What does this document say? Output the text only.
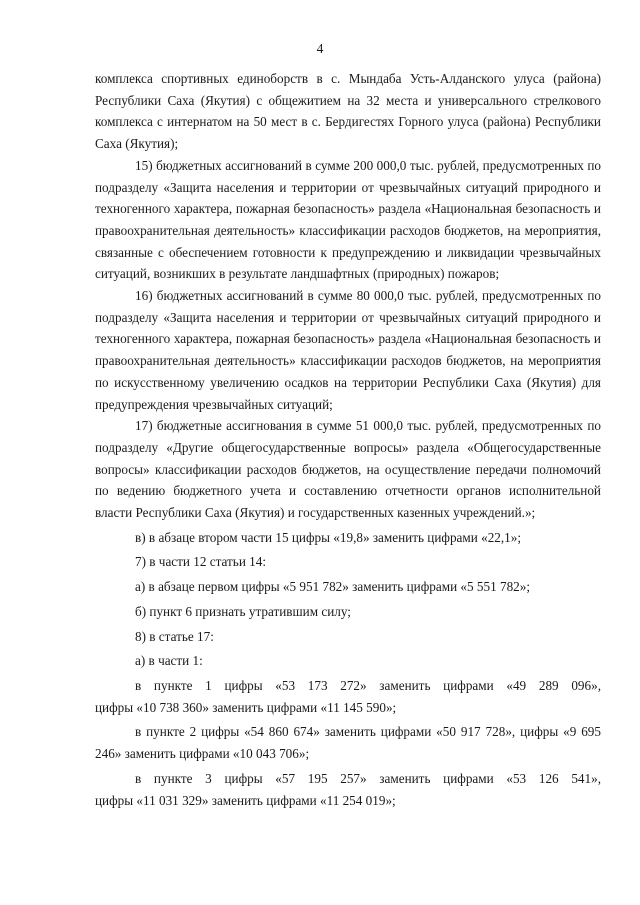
4

комплекса спортивных единоборств в с. Мындаба Усть-Алданского улуса (района) Республики Саха (Якутия) с общежитием на 32 места и универсального стрелкового комплекса с интернатом на 50 мест в с. Бердигестях Горного улуса (района) Республики Саха (Якутия);

15) бюджетных ассигнований в сумме 200 000,0 тыс. рублей, предусмотренных по подразделу «Защита населения и территории от чрезвычайных ситуаций природного и техногенного характера, пожарная безопасность» раздела «Национальная безопасность и правоохранительная деятельность» классификации расходов бюджетов, на мероприятия, связанные с обеспечением готовности к предупреждению и ликвидации чрезвычайных ситуаций, возникших в результате ландшафтных (природных) пожаров;

16) бюджетных ассигнований в сумме 80 000,0 тыс. рублей, предусмотренных по подразделу «Защита населения и территории от чрезвычайных ситуаций природного и техногенного характера, пожарная безопасность» раздела «Национальная безопасность и правоохранительная деятельность» классификации расходов бюджетов, на мероприятия по искусственному увеличению осадков на территории Республики Саха (Якутия) для предупреждения чрезвычайных ситуаций;

17) бюджетные ассигнования в сумме 51 000,0 тыс. рублей, предусмотренных по подразделу «Другие общегосударственные вопросы» раздела «Общегосударственные вопросы» классификации расходов бюджетов, на осуществление передачи полномочий по ведению бюджетного учета и составлению отчетности органов исполнительной власти Республики Саха (Якутия) и государственных казенных учреждений.»;

в) в абзаце втором части 15 цифры «19,8» заменить цифрами «22,1»;

7) в части 12 статьи 14:

а) в абзаце первом цифры «5 951 782» заменить цифрами «5 551 782»;

б) пункт 6 признать утратившим силу;

8) в статье 17:

а) в части 1:

в пункте 1 цифры «53 173 272» заменить цифрами «49 289 096»,

цифры «10 738 360» заменить цифрами «11 145 590»;

в пункте 2 цифры «54 860 674» заменить цифрами «50 917 728», цифры «9 695 246» заменить цифрами «10 043 706»;

в пункте 3 цифры «57 195 257» заменить цифрами «53 126 541»,

цифры «11 031 329» заменить цифрами «11 254 019»;
